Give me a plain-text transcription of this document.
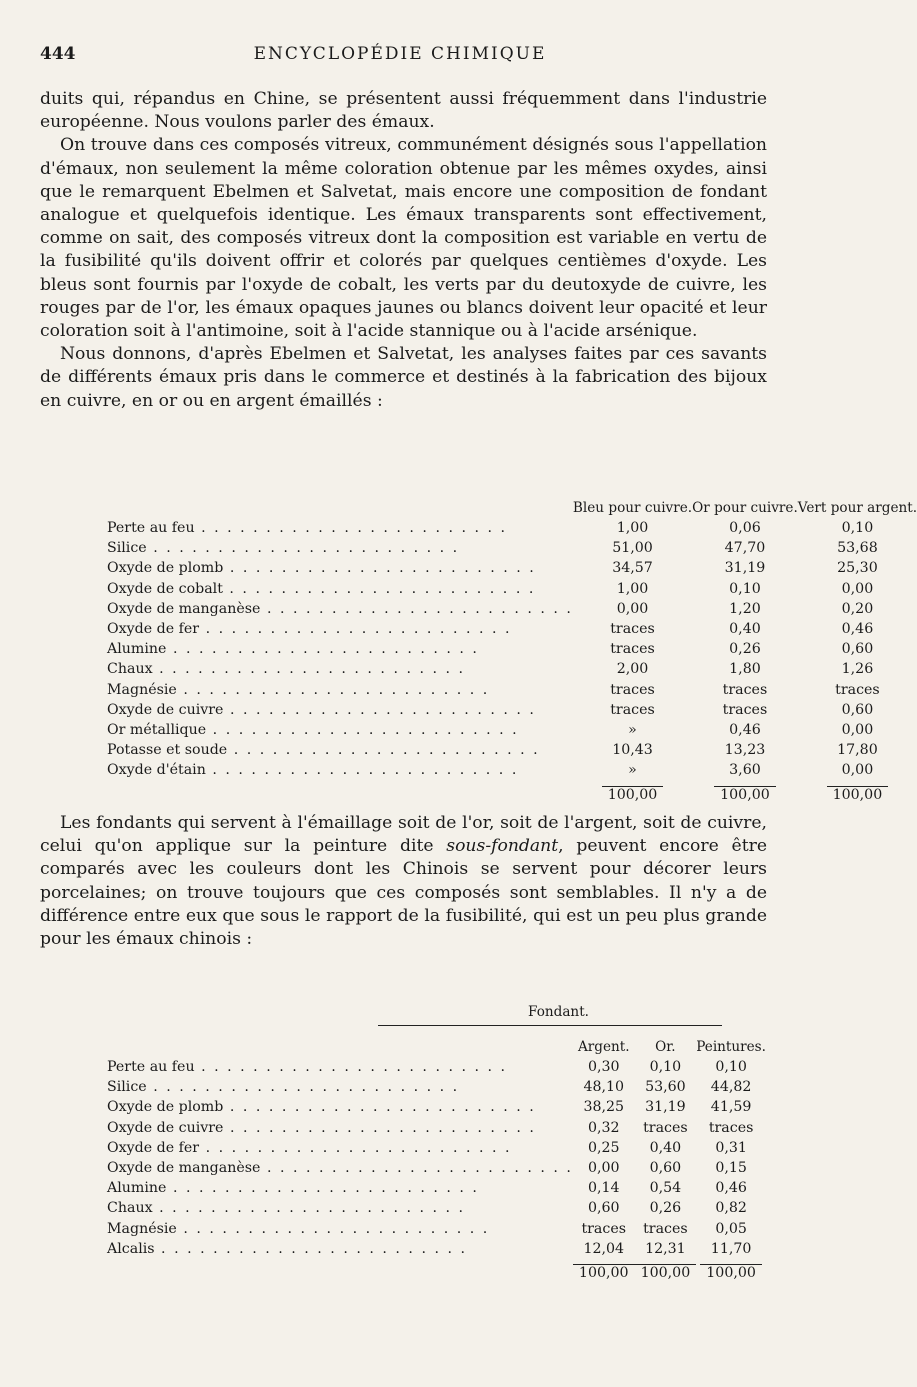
444	ENCYCLOPÉDIE CHIMIQUE

duits qui, répandus en Chine, se présentent aussi fréquemment dans l'industrie européenne. Nous voulons parler des émaux.

On trouve dans ces composés vitreux, communément désignés sous l'appellation d'émaux, non seulement la même coloration obtenue par les mêmes oxydes, ainsi que le remarquent Ebelmen et Salvetat, mais encore une composition de fondant analogue et quelquefois identique. Les émaux transparents sont effectivement, comme on sait, des composés vitreux dont la composition est variable en vertu de la fusibilité qu'ils doivent offrir et colorés par quelques centièmes d'oxyde. Les bleus sont fournis par l'oxyde de cobalt, les verts par du deutoxyde de cuivre, les rouges par de l'or, les émaux opaques jaunes ou blancs doivent leur opacité et leur coloration soit à l'antimoine, soit à l'acide stannique ou à l'acide arsénique.

Nous donnons, d'après Ebelmen et Salvetat, les analyses faites par ces savants de différents émaux pris dans le commerce et destinés à la fabrication des bijoux en cuivre, en or ou en argent émaillés :

	Bleu pour cuivre.	Or pour cuivre.	Vert pour argent.
Perte au feu . . . . . . . . . . . . . . . . . . . . . . . .	1,00	0,06	0,10
Silice . . . . . . . . . . . . . . . . . . . . . . . .	51,00	47,70	53,68
Oxyde de plomb . . . . . . . . . . . . . . . . . . . . . . . .	34,57	31,19	25,30
Oxyde de cobalt . . . . . . . . . . . . . . . . . . . . . . . .	1,00	0,10	0,00
Oxyde de manganèse . . . . . . . . . . . . . . . . . . . . . . . .	0,00	1,20	0,20
Oxyde de fer . . . . . . . . . . . . . . . . . . . . . . . .	traces	0,40	0,46
Alumine . . . . . . . . . . . . . . . . . . . . . . . .	traces	0,26	0,60
Chaux . . . . . . . . . . . . . . . . . . . . . . . .	2,00	1,80	1,26
Magnésie . . . . . . . . . . . . . . . . . . . . . . . .	traces	traces	traces
Oxyde de cuivre . . . . . . . . . . . . . . . . . . . . . . . .	traces	traces	0,60
Or métallique . . . . . . . . . . . . . . . . . . . . . . . .	»	0,46	0,00
Potasse et soude . . . . . . . . . . . . . . . . . . . . . . . .	10,43	13,23	17,80
Oxyde d'étain . . . . . . . . . . . . . . . . . . . . . . . .	»	3,60	0,00
	100,00	100,00	100,00

Les fondants qui servent à l'émaillage soit de l'or, soit de l'argent, soit de cuivre, celui qu'on applique sur la peinture dite sous-fondant, peuvent encore être comparés avec les couleurs dont les Chinois se servent pour décorer leurs porcelaines; on trouve toujours que ces composés sont semblables. Il n'y a de différence entre eux que sous le rapport de la fusibilité, qui est un peu plus grande pour les émaux chinois :

Fondant.
	Argent.	Or.	Peintures.
Perte au feu . . . . . . . . . . . . . . . . . . . . . . . .	0,30	0,10	0,10
Silice . . . . . . . . . . . . . . . . . . . . . . . .	48,10	53,60	44,82
Oxyde de plomb . . . . . . . . . . . . . . . . . . . . . . . .	38,25	31,19	41,59
Oxyde de cuivre . . . . . . . . . . . . . . . . . . . . . . . .	0,32	traces	traces
Oxyde de fer . . . . . . . . . . . . . . . . . . . . . . . .	0,25	0,40	0,31
Oxyde de manganèse . . . . . . . . . . . . . . . . . . . . . . . .	0,00	0,60	0,15
Alumine . . . . . . . . . . . . . . . . . . . . . . . .	0,14	0,54	0,46
Chaux . . . . . . . . . . . . . . . . . . . . . . . .	0,60	0,26	0,82
Magnésie . . . . . . . . . . . . . . . . . . . . . . . .	traces	traces	0,05
Alcalis . . . . . . . . . . . . . . . . . . . . . . . .	12,04	12,31	11,70
	100,00	100,00	100,00
